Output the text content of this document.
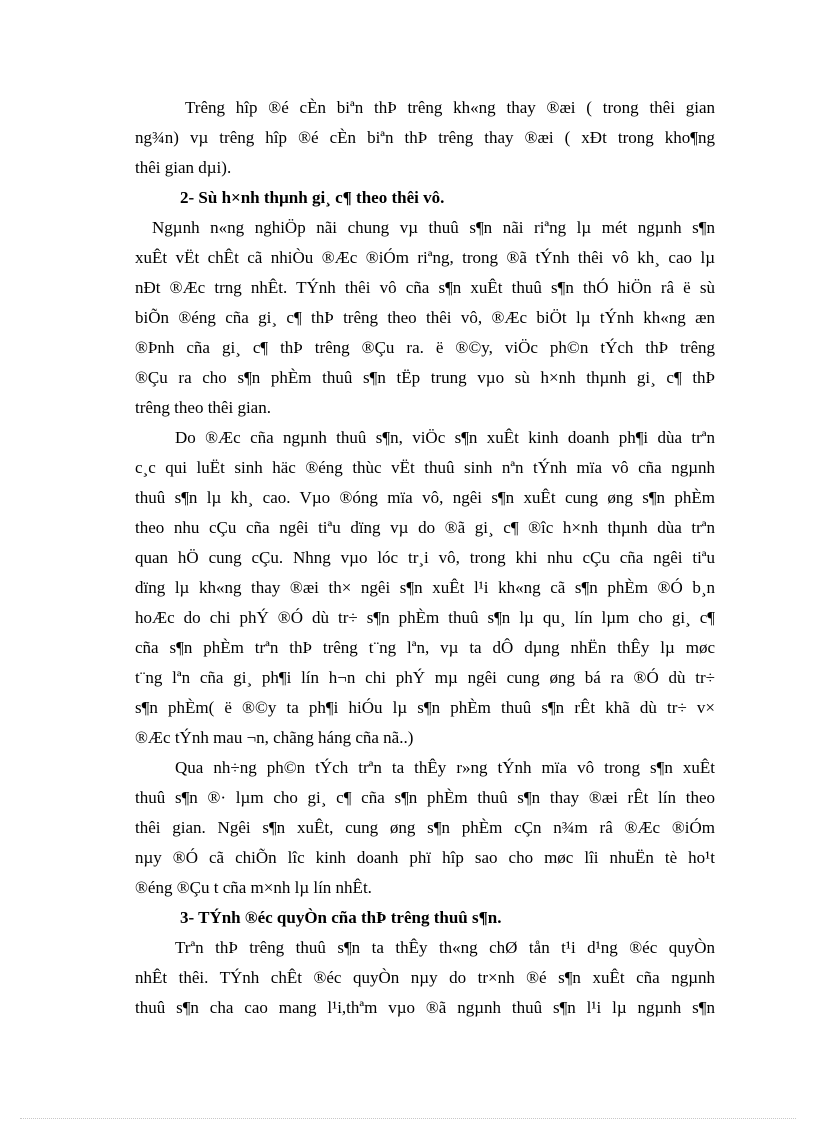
Trêng hîp ®é cÈn biªn thÞ trêng kh«ng thay ®æi ( trong thêi gian
ng¾n) vµ trêng hîp ®é cÈn biªn thÞ trêng thay ®æi ( xÐt trong kho¶ng
thêi gian dµi).
2- Sù h×nh thµnh gi¸ c¶ theo thêi vô.
Ngµnh n«ng nghiÖp nãi chung vµ thuû s¶n nãi riªng lµ mét ngµnh s¶n
xuÊt vËt chÊt cã nhiÒu ®Æc ®iÓm riªng, trong ®ã tÝnh thêi vô kh¸ cao lµ
nÐt ®Æc trng nhÊt. TÝnh thêi vô cña s¶n xuÊt thuû s¶n thÓ hiÖn râ ë sù
biÕn ®éng cña gi¸ c¶ thÞ trêng theo thêi vô, ®Æc biÖt lµ tÝnh kh«ng æn
®Þnh cña gi¸ c¶ thÞ trêng ®Çu ra. ë ®©y, viÖc ph©n tÝch thÞ trêng
®Çu ra cho s¶n phÈm thuû s¶n tËp trung vµo sù h×nh thµnh gi¸ c¶ thÞ
trêng theo thêi gian.
Do ®Æc cña ngµnh thuû s¶n, viÖc s¶n xuÊt kinh doanh ph¶i dùa trªn
c¸c qui luËt sinh häc ®éng thùc vËt thuû sinh nªn tÝnh mïa vô cña ngµnh
thuû s¶n lµ kh¸ cao. Vµo ®óng mïa vô, ngêi s¶n xuÊt cung øng s¶n phÈm
theo nhu cÇu cña ngêi tiªu dïng vµ do ®ã gi¸ c¶ ®îc h×nh thµnh dùa trªn
quan hÖ cung cÇu. Nhng vµo lóc tr¸i vô, trong khi nhu cÇu cña ngêi tiªu
dïng lµ kh«ng thay ®æi th× ngêi s¶n xuÊt l¹i kh«ng cã s¶n phÈm ®Ó b¸n
hoÆc do chi phÝ ®Ó dù tr÷ s¶n phÈm thuû s¶n lµ qu¸ lín lµm cho gi¸ c¶
cña s¶n phÈm trªn thÞ trêng t¨ng lªn, vµ ta dÔ dµng nhËn thÊy lµ møc
t¨ng lªn cña gi¸ ph¶i lín h¬n chi phÝ mµ ngêi cung øng bá ra ®Ó dù tr÷
s¶n phÈm( ë ®©y ta ph¶i hiÓu lµ s¶n phÈm thuû s¶n rÊt khã dù tr÷ v×
®Æc tÝnh mau ¬n, chãng háng cña nã..)
Qua nh÷ng ph©n tÝch trªn ta thÊy r»ng tÝnh mïa vô trong s¶n xuÊt
thuû s¶n ®· lµm cho gi¸ c¶ cña s¶n phÈm thuû s¶n thay ®æi rÊt lín theo
thêi gian. Ngêi s¶n xuÊt, cung øng s¶n phÈm cÇn n¾m râ ®Æc ®iÓm
nµy ®Ó cã chiÕn lîc kinh doanh phï hîp sao cho møc lîi nhuËn tè ho¹t
®éng ®Çu t cña m×nh lµ lín nhÊt.
3- TÝnh ®éc quyÒn cña thÞ trêng thuû s¶n.
Trªn thÞ trêng thuû s¶n ta thÊy th«ng chØ tån t¹i d¹ng ®éc quyÒn
nhÊt thêi. TÝnh chÊt ®éc quyÒn nµy do tr×nh ®é s¶n xuÊt cña ngµnh
thuû s¶n cha cao mang l¹i,thªm vµo ®ã ngµnh thuû s¶n l¹i lµ ngµnh s¶n
